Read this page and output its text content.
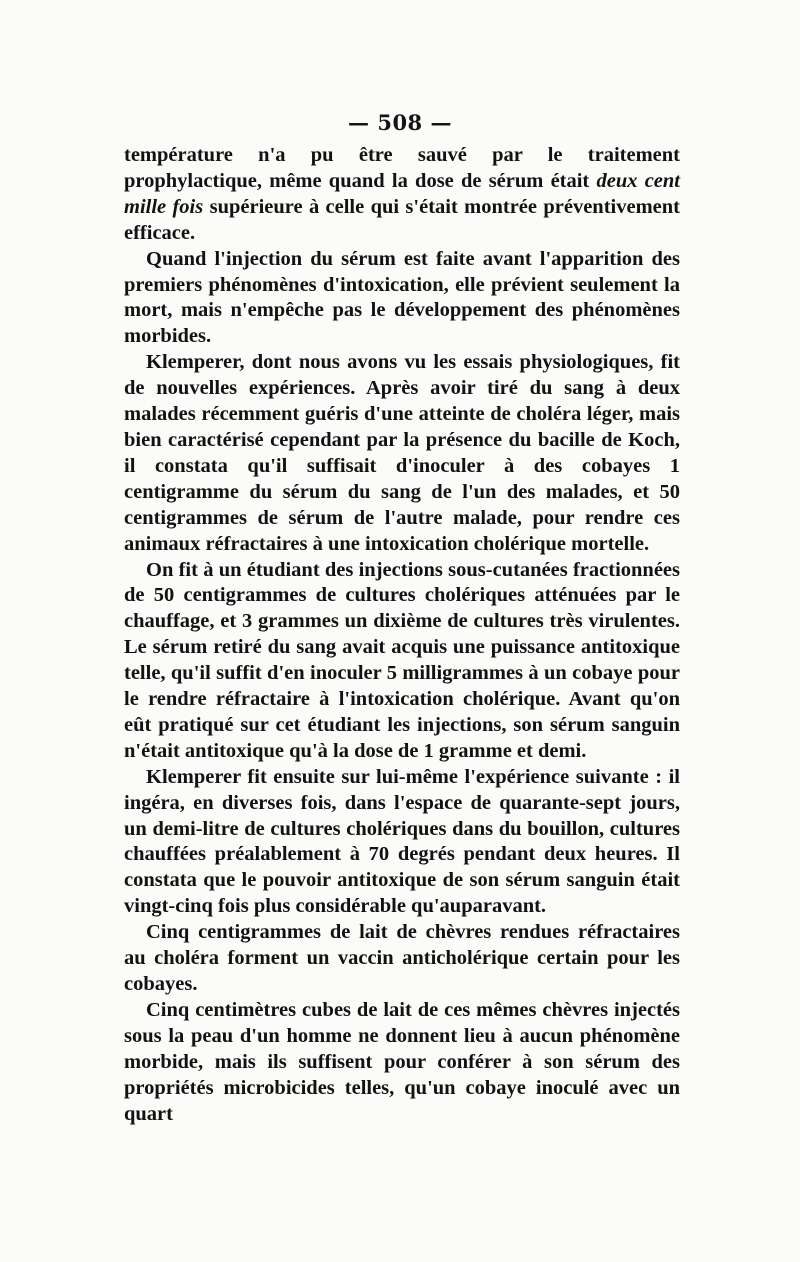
— 508 —

température n'a pu être sauvé par le traitement prophylactique, même quand la dose de sérum était deux cent mille fois supérieure à celle qui s'était montrée préventivement efficace.

Quand l'injection du sérum est faite avant l'apparition des premiers phénomènes d'intoxication, elle prévient seulement la mort, mais n'empêche pas le développement des phénomènes morbides.

Klemperer, dont nous avons vu les essais physiologiques, fit de nouvelles expériences. Après avoir tiré du sang à deux malades récemment guéris d'une atteinte de choléra léger, mais bien caractérisé cependant par la présence du bacille de Koch, il constata qu'il suffisait d'inoculer à des cobayes 1 centigramme du sérum du sang de l'un des malades, et 50 centigrammes de sérum de l'autre malade, pour rendre ces animaux réfractaires à une intoxication cholérique mortelle.

On fit à un étudiant des injections sous-cutanées fractionnées de 50 centigrammes de cultures cholériques atténuées par le chauffage, et 3 grammes un dixième de cultures très virulentes. Le sérum retiré du sang avait acquis une puissance antitoxique telle, qu'il suffit d'en inoculer 5 milligrammes à un cobaye pour le rendre réfractaire à l'intoxication cholérique. Avant qu'on eût pratiqué sur cet étudiant les injections, son sérum sanguin n'était antitoxique qu'à la dose de 1 gramme et demi.

Klemperer fit ensuite sur lui-même l'expérience suivante : il ingéra, en diverses fois, dans l'espace de quarante-sept jours, un demi-litre de cultures cholériques dans du bouillon, cultures chauffées préalablement à 70 degrés pendant deux heures. Il constata que le pouvoir antitoxique de son sérum sanguin était vingt-cinq fois plus considérable qu'auparavant.

Cinq centigrammes de lait de chèvres rendues réfractaires au choléra forment un vaccin anticholérique certain pour les cobayes.

Cinq centimètres cubes de lait de ces mêmes chèvres injectés sous la peau d'un homme ne donnent lieu à aucun phénomène morbide, mais ils suffisent pour conférer à son sérum des propriétés microbicides telles, qu'un cobaye inoculé avec un quart
